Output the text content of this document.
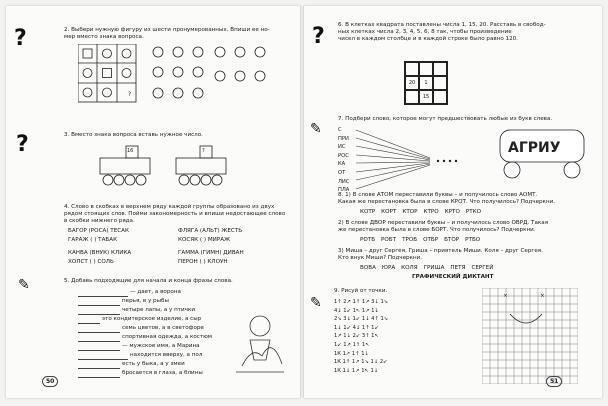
?	2. Выбери нужную фигуру из шести пронумерованных. Впиши ее но-
мер вместо знака вопроса.
?
3. Вместо знака вопроса вставь нужное число.
?	16	?
4. Слово в скобках в верхнем ряду каждой группы образовано из двух
рядом стоящих слов. Пойми закономерность и впиши недостающее слово
в скобки нижнего ряда.
БАГОР (РОСА) ТЕСАК	ФЛЯГА (АЛЬТ) ЖЕСТЬ
ГАРАЖ ( ) ТАБАК	КОСЯК ( ) МИРАЖ
КАНВА (ВНУК) КЛИКА	ГАММА (ГИМН) ДИВАН
ХОЛСТ ( ) СОЛЬ	ПЕРОН ( ) КЛОУН
✎	5. Добавь подходящие для начала и конца фразы слова.
— дает, а ворона
перья, в у рыбы
четыре лапы, а у птички
это кондитерское изделие, а сыр
семь цветов, а в светофоре
спортивная одежда, а костюм
— мужское имя, а Марина
находится вверху, а пол
есть у быка, а у змеи
бросается в глаза, а блины
50
? 6. В клетках квадрата поставлены числа 1, 15, 20. Расставь в свобод-
ных клетках числа 2, 3, 4, 5, 6, 8 так, чтобы произведение
чисел в каждом столбце и в каждой строке было равно 120.
20	1
15
✎
7. Подбери слово, которое могут предшествовать любые из букв слева.
С
ПРИ
ИС
РОС
КА
ОТ
ЛИС
ПЛА
АГРИУ
8. 1) В слове АТОМ переставили буквы – и получилось слово АОМТ.
Какая же перестановка была в слове КРОТ. Что получилось? Подчеркни.
КОТР КОРТ КТОР КТРО КРТО РТКО
2) В слове ДВОР переставили буквы – и получилось слово ОВРД. Такая
же перестановка была в слове БОРТ. Что получилось? Подчеркни.
РОТБ РОБТ ТРОБ ОТБР БТОР РТБО
3) Миша – друг Сергея, Гриша – приятель Миши. Коля – друг Сергея.
Кто внук Миши? Подчеркни.
ВОВА ЮРА КОЛЯ ГРИША ПЕТЯ СЕРГЕЙ
ГРАФИЧЕСКИЙ ДИКТАНТ
✎
9. Рисуй от точки.
1↑ 2↗ 1↑ 1↗ 3↓ 1↘
4↓ 1↙ 1↖ 1↗ 1↓
2↘ 3↓ 1↙ 1↓ 4↑ 1↘
1↓ 1↙ 4↓ 1↑ 1↙
1↗ 1↓ 2↙ 3↑ 1↖
1↙ 1↗ 1↑ 1↖
1К 1↗ 1↑ 1↓
1К 1↑ 1↗ 1↘ 1↓ 2↙
1К 1↓ 1↗ 1↖ 1↓
×	×
51
